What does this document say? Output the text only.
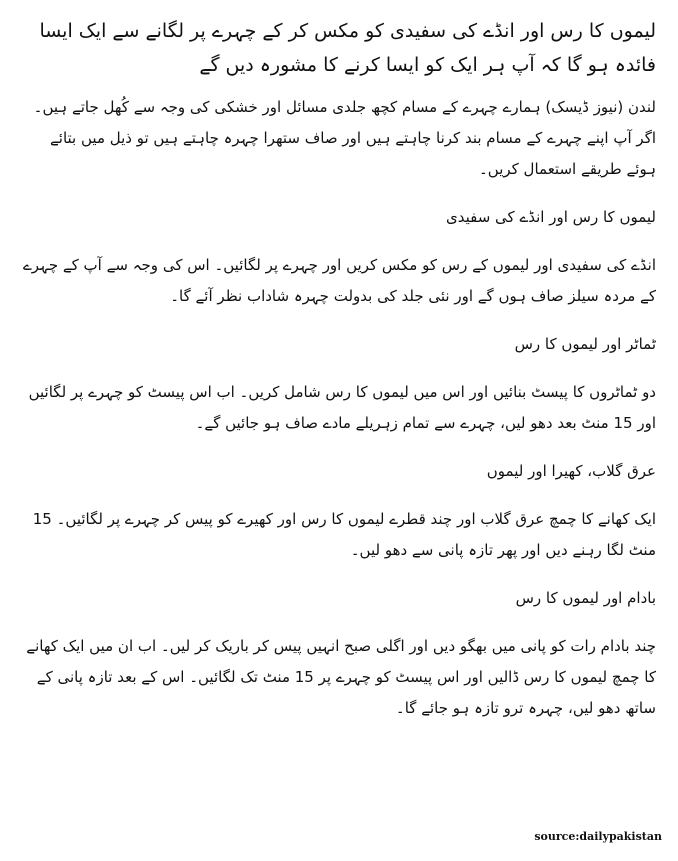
لیموں کا رس اور انڈے کی سفیدی کو مکس کر کے چہرے پر لگانے سے ایک ایسا فائدہ ہو گا کہ آپ ہر ایک کو ایسا کرنے کا مشورہ دیں گے
لندن (نیوز ڈیسک) ہمارے چہرے کے مسام کچھ جلدی مسائل اور خشکی کی وجہ سے کُھل جاتے ہیں۔ اگر آپ اپنے چہرے کے مسام بند کرنا چاہتے ہیں اور صاف ستھرا چہرہ چاہتے ہیں تو ذیل میں بتائے ہوئے طریقے استعمال کریں۔
لیموں کا رس اور انڈے کی سفیدی
انڈے کی سفیدی اور لیموں کے رس کو مکس کریں اور چہرے پر لگائیں۔ اس کی وجہ سے آپ کے چہرے کے مردہ سیلز صاف ہوں گے اور نئی جلد کی بدولت چہرہ شاداب نظر آئے گا۔
ٹماٹر اور لیموں کا رس
دو ٹماٹروں کا پیسٹ بنائیں اور اس میں لیموں کا رس شامل کریں۔ اب اس پیسٹ کو چہرے پر لگائیں اور 15 منٹ بعد دھو لیں، چہرے سے تمام زہریلے مادے صاف ہو جائیں گے۔
عرق گلاب، کھیرا اور لیموں
ایک کھانے کا چمچ عرق گلاب اور چند قطرے لیموں کا رس اور کھیرے کو پیس کر چہرے پر لگائیں۔ 15 منٹ لگا رہنے دیں اور پھر تازہ پانی سے دھو لیں۔
بادام اور لیموں کا رس
چند بادام رات کو پانی میں بھگو دیں اور اگلی صبح انہیں پیس کر باریک کر لیں۔ اب ان میں ایک کھانے کا چمچ لیموں کا رس ڈالیں اور اس پیسٹ کو چہرے پر 15 منٹ تک لگائیں۔ اس کے بعد تازہ پانی کے ساتھ دھو لیں، چہرہ ترو تازہ ہو جائے گا۔
source:dailypakistan
